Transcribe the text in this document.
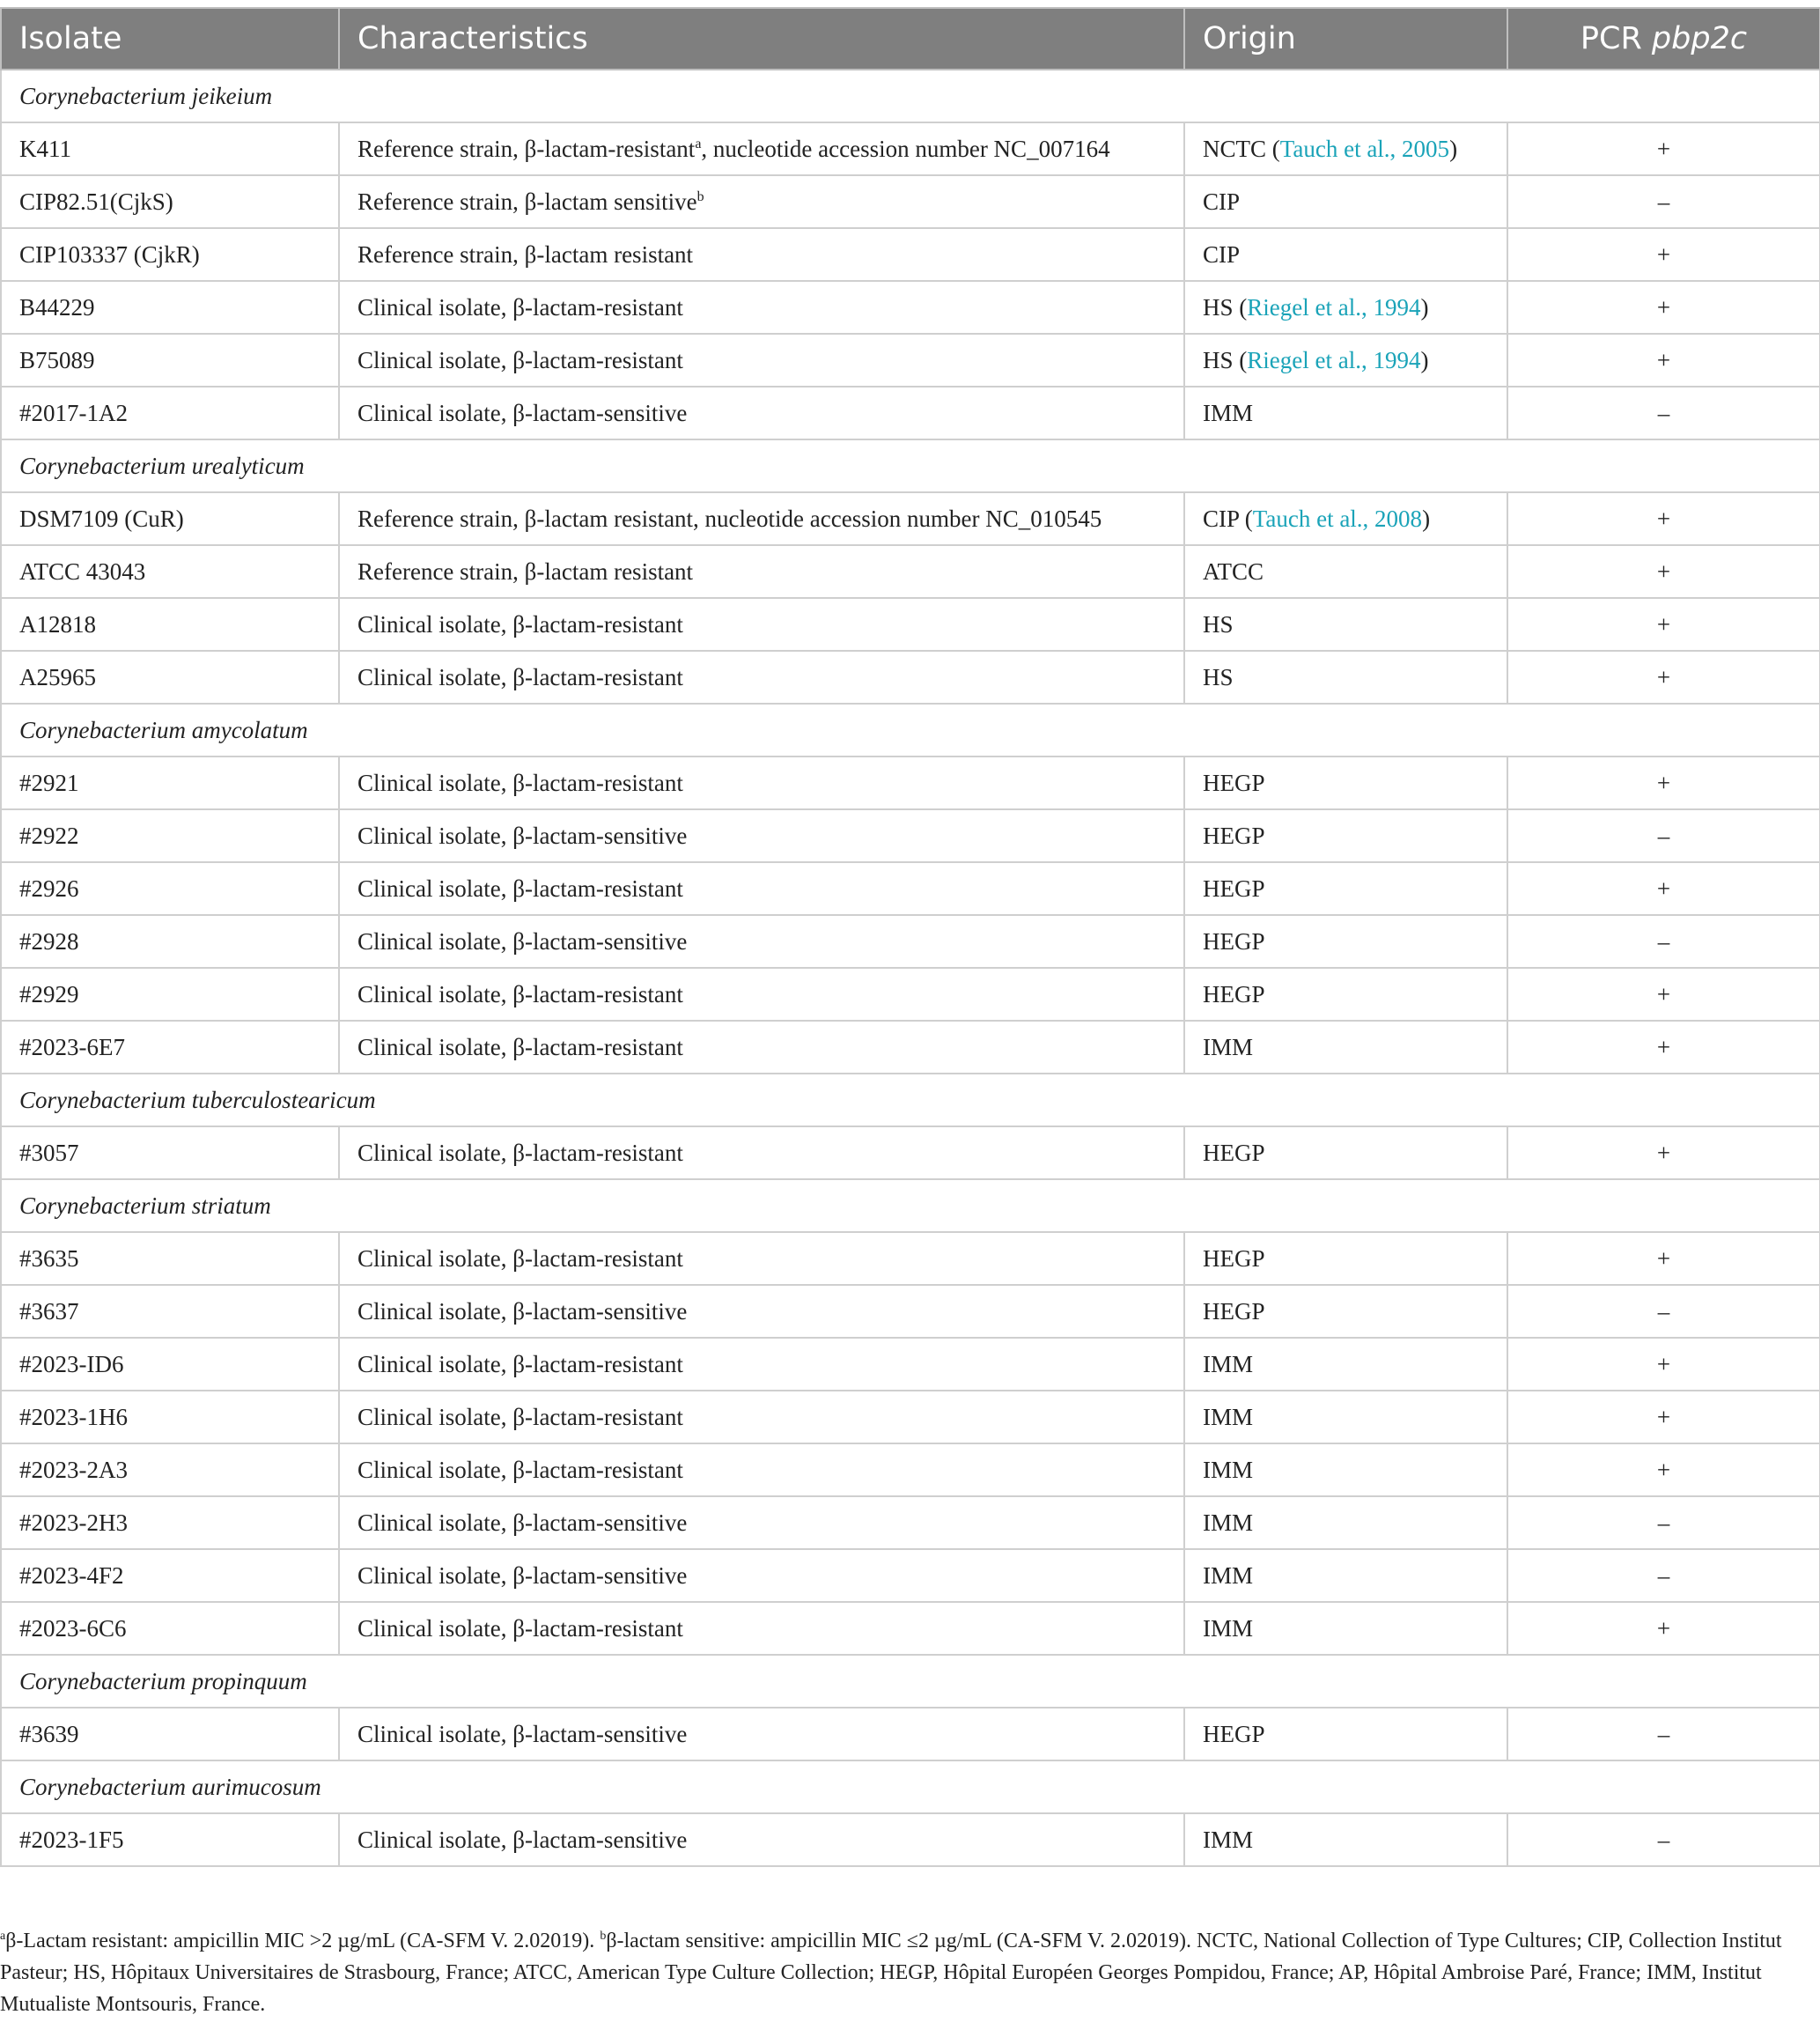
Isolate	Characteristics	Origin	PCR pbp2c
Corynebacterium jeikeium			
K411	Reference strain, β-lactam-resistant$^a$, nucleotide accession number NC_007164	NCTC (Tauch et al., 2005)	+
CIP82.51(CjkS)	Reference strain, β-lactam sensitive$^b$	CIP	–
CIP103337 (CjkR)	Reference strain, β-lactam resistant	CIP	+
B44229	Clinical isolate, β-lactam-resistant	HS (Riegel et al., 1994)	+
B75089	Clinical isolate, β-lactam-resistant	HS (Riegel et al., 1994)	+
#2017-1A2	Clinical isolate, β-lactam-sensitive	IMM	–
Corynebacterium urealyticum			
DSM7109 (CuR)	Reference strain, β-lactam resistant, nucleotide accession number NC_010545	CIP (Tauch et al., 2008)	+
ATCC 43043	Reference strain, β-lactam resistant	ATCC	+
A12818	Clinical isolate, β-lactam-resistant	HS	+
A25965	Clinical isolate, β-lactam-resistant	HS	+
Corynebacterium amycolatum			
#2921	Clinical isolate, β-lactam-resistant	HEGP	+
#2922	Clinical isolate, β-lactam-sensitive	HEGP	–
#2926	Clinical isolate, β-lactam-resistant	HEGP	+
#2928	Clinical isolate, β-lactam-sensitive	HEGP	–
#2929	Clinical isolate, β-lactam-resistant	HEGP	+
#2023-6E7	Clinical isolate, β-lactam-resistant	IMM	+
Corynebacterium tuberculostearicum			
#3057	Clinical isolate, β-lactam-resistant	HEGP	+
Corynebacterium striatum			
#3635	Clinical isolate, β-lactam-resistant	HEGP	+
#3637	Clinical isolate, β-lactam-sensitive	HEGP	–
#2023-ID6	Clinical isolate, β-lactam-resistant	IMM	+
#2023-1H6	Clinical isolate, β-lactam-resistant	IMM	+
#2023-2A3	Clinical isolate, β-lactam-resistant	IMM	+
#2023-2H3	Clinical isolate, β-lactam-sensitive	IMM	–
#2023-4F2	Clinical isolate, β-lactam-sensitive	IMM	–
#2023-6C6	Clinical isolate, β-lactam-resistant	IMM	+
Corynebacterium propinquum			
#3639	Clinical isolate, β-lactam-sensitive	HEGP	–
Corynebacterium aurimucosum			
#2023-1F5	Clinical isolate, β-lactam-sensitive	IMM	–
$^a$β-Lactam resistant: ampicillin MIC >2 µg/mL (CA-SFM V. 2.02019). $^b$β-lactam sensitive: ampicillin MIC ≤2 µg/mL (CA-SFM V. 2.02019). NCTC, National Collection of Type Cultures; CIP, Collection Institut Pasteur; HS, Hôpitaux Universitaires de Strasbourg, France; ATCC, American Type Culture Collection; HEGP, Hôpital Européen Georges Pompidou, France; AP, Hôpital Ambroise Paré, France; IMM, Institut Mutualiste Montsouris, France.
